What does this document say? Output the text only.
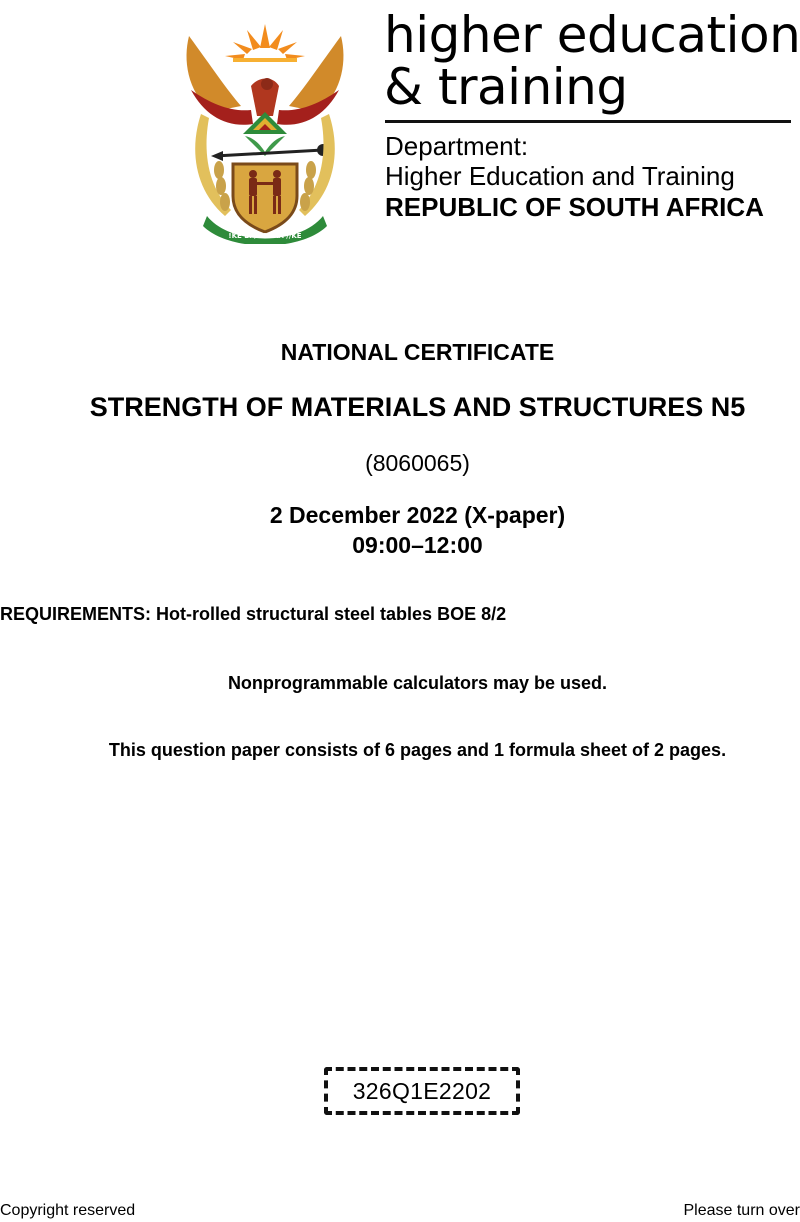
!KE E: /XARRA //KE
higher education
& training
Department:
Higher Education and Training
REPUBLIC OF SOUTH AFRICA
NATIONAL CERTIFICATE
STRENGTH OF MATERIALS AND STRUCTURES N5
(8060065)
2 December 2022 (X-paper)
09:00–12:00
REQUIREMENTS: Hot-rolled structural steel tables BOE 8/2
Nonprogrammable calculators may be used.
This question paper consists of 6 pages and 1 formula sheet of 2 pages.
326Q1E2202
Copyright reserved	Please turn over
